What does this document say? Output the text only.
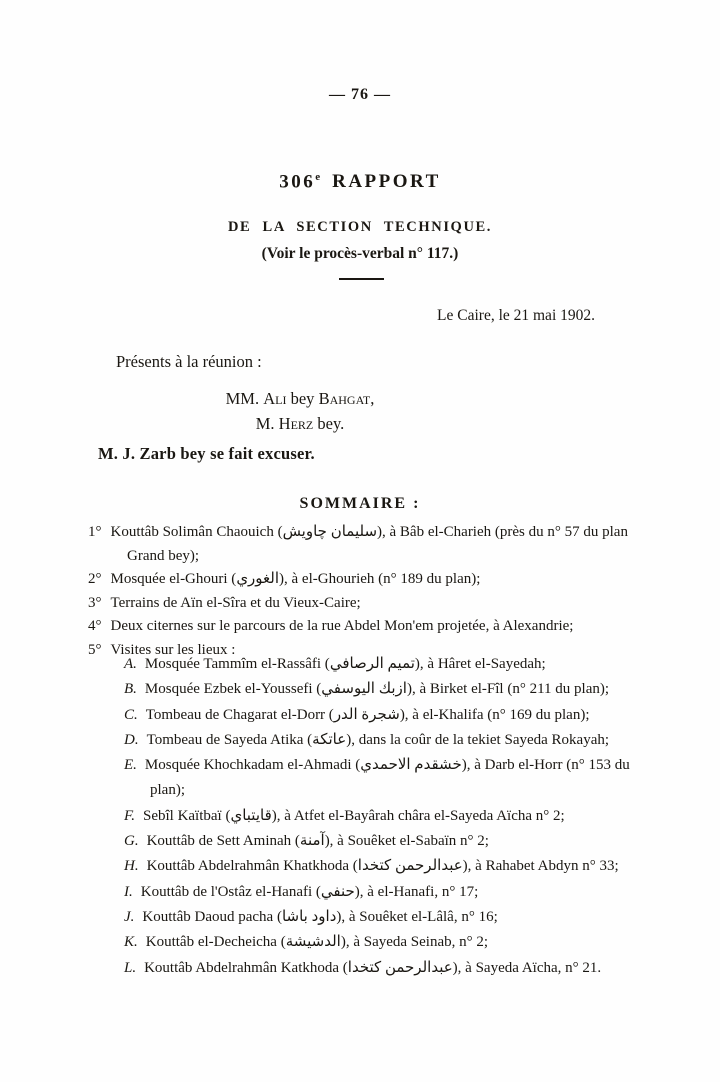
— 76 —
306e RAPPORT
DE LA SECTION TECHNIQUE.
(Voir le procès-verbal n° 117.)
Le Caire, le 21 mai 1902.
Présents à la réunion :
MM. Ali bey Bahgat,
M. Herz bey.
M. J. Zarb bey se fait excuser.
SOMMAIRE :
1° Kouttâb Solimân Chaouich (سليمان چاويش), à Bâb el-Charieh (près du n° 57 du plan Grand bey);
2° Mosquée el-Ghouri (الغوري), à el-Ghourieh (n° 189 du plan);
3° Terrains de Aïn el-Sîra et du Vieux-Caire;
4° Deux citernes sur le parcours de la rue Abdel Mon'em projetée, à Alexandrie;
5° Visites sur les lieux :
A. Mosquée Tammîm el-Rassâfi (تميم الرصافي), à Hâret el-Sayedah;
B. Mosquée Ezbek el-Youssefi (ازبك اليوسفي), à Birket el-Fîl (n° 211 du plan);
C. Tombeau de Chagarat el-Dorr (شجرة الدر), à el-Khalifa (n° 169 du plan);
D. Tombeau de Sayeda Atika (عاتكة), dans la coûr de la tekiet Sayeda Rokayah;
E. Mosquée Khochkadam el-Ahmadi (خشقدم الاحمدي), à Darb el-Horr (n° 153 du plan);
F. Sebîl Kaïtbaï (قايتباي), à Atfet el-Bayârah châra el-Sayeda Aïcha n° 2;
G. Kouttâb de Sett Aminah (آمنة), à Souêket el-Sabaïn n° 2;
H. Kouttâb Abdelrahmân Khatkhoda (عبدالرحمن كتخدا), à Rahabet Abdyn n° 33;
I. Kouttâb de l'Ostâz el-Hanafi (حنفي), à el-Hanafi, n° 17;
J. Kouttâb Daoud pacha (داود باشا), à Souêket el-Lâlâ, n° 16;
K. Kouttâb el-Decheicha (الدشيشة), à Sayeda Seinab, n° 2;
L. Kouttâb Abdelrahmân Katkhoda (عبدالرحمن كتخدا), à Sayeda Aïcha, n° 21.
